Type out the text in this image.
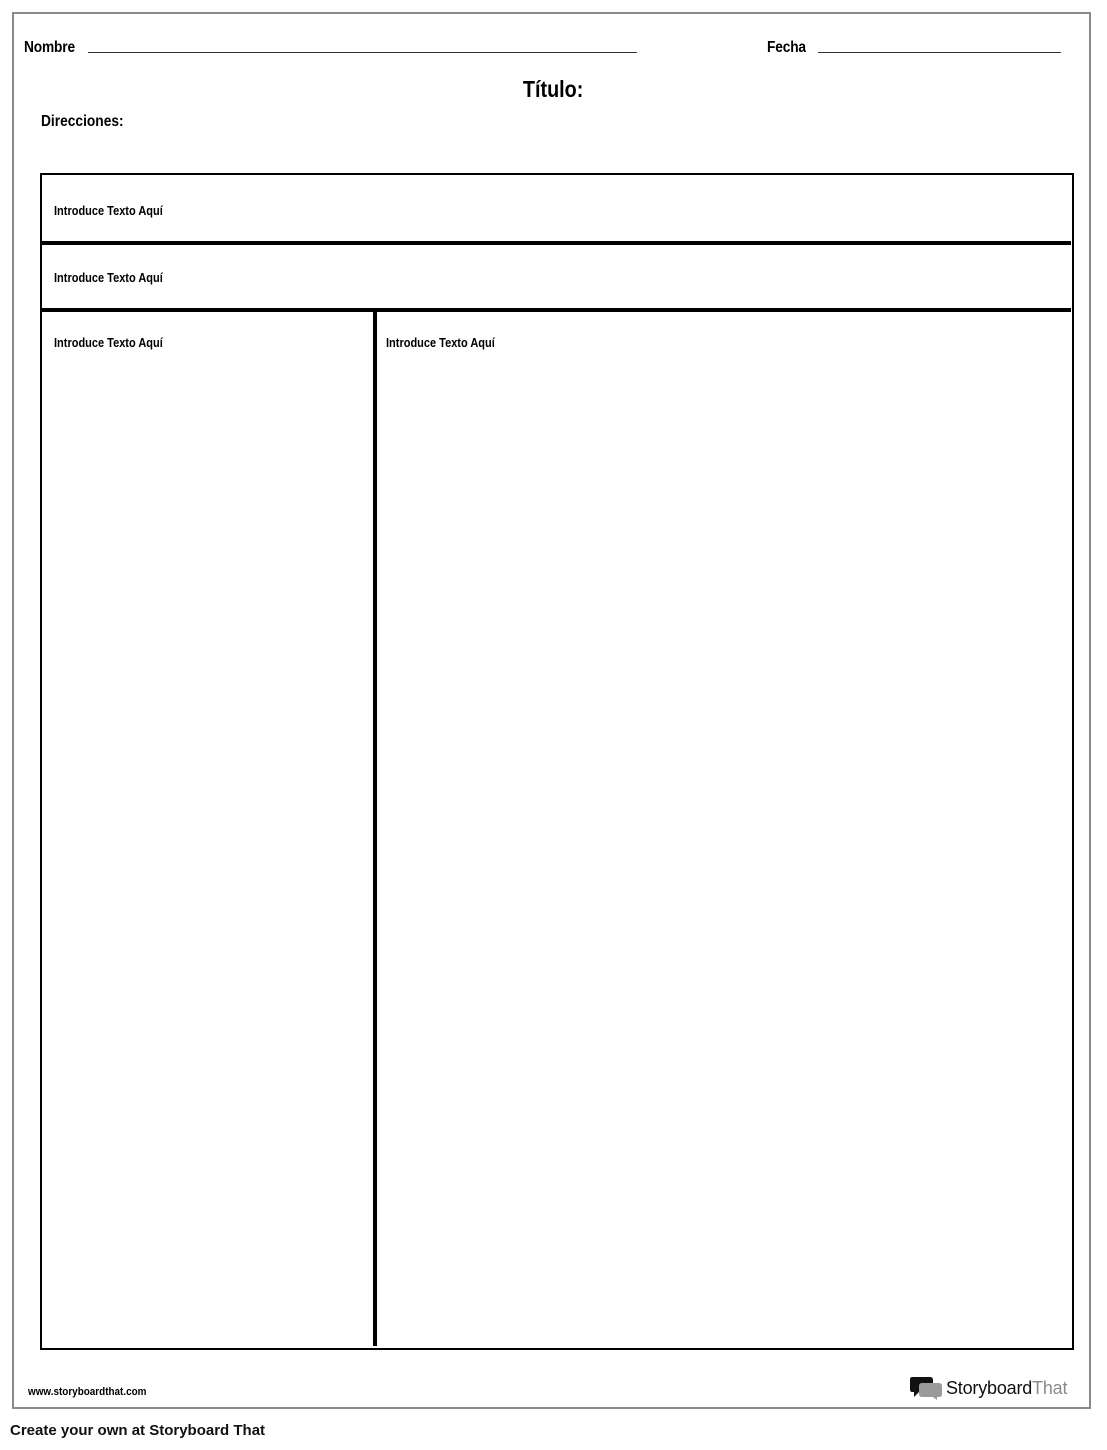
Nombre	Fecha
Título:
Direcciones:
Introduce Texto Aquí
Introduce Texto Aquí
Introduce Texto Aquí	Introduce Texto Aquí
www.storyboardthat.com	StoryboardThat
Create your own at Storyboard That
